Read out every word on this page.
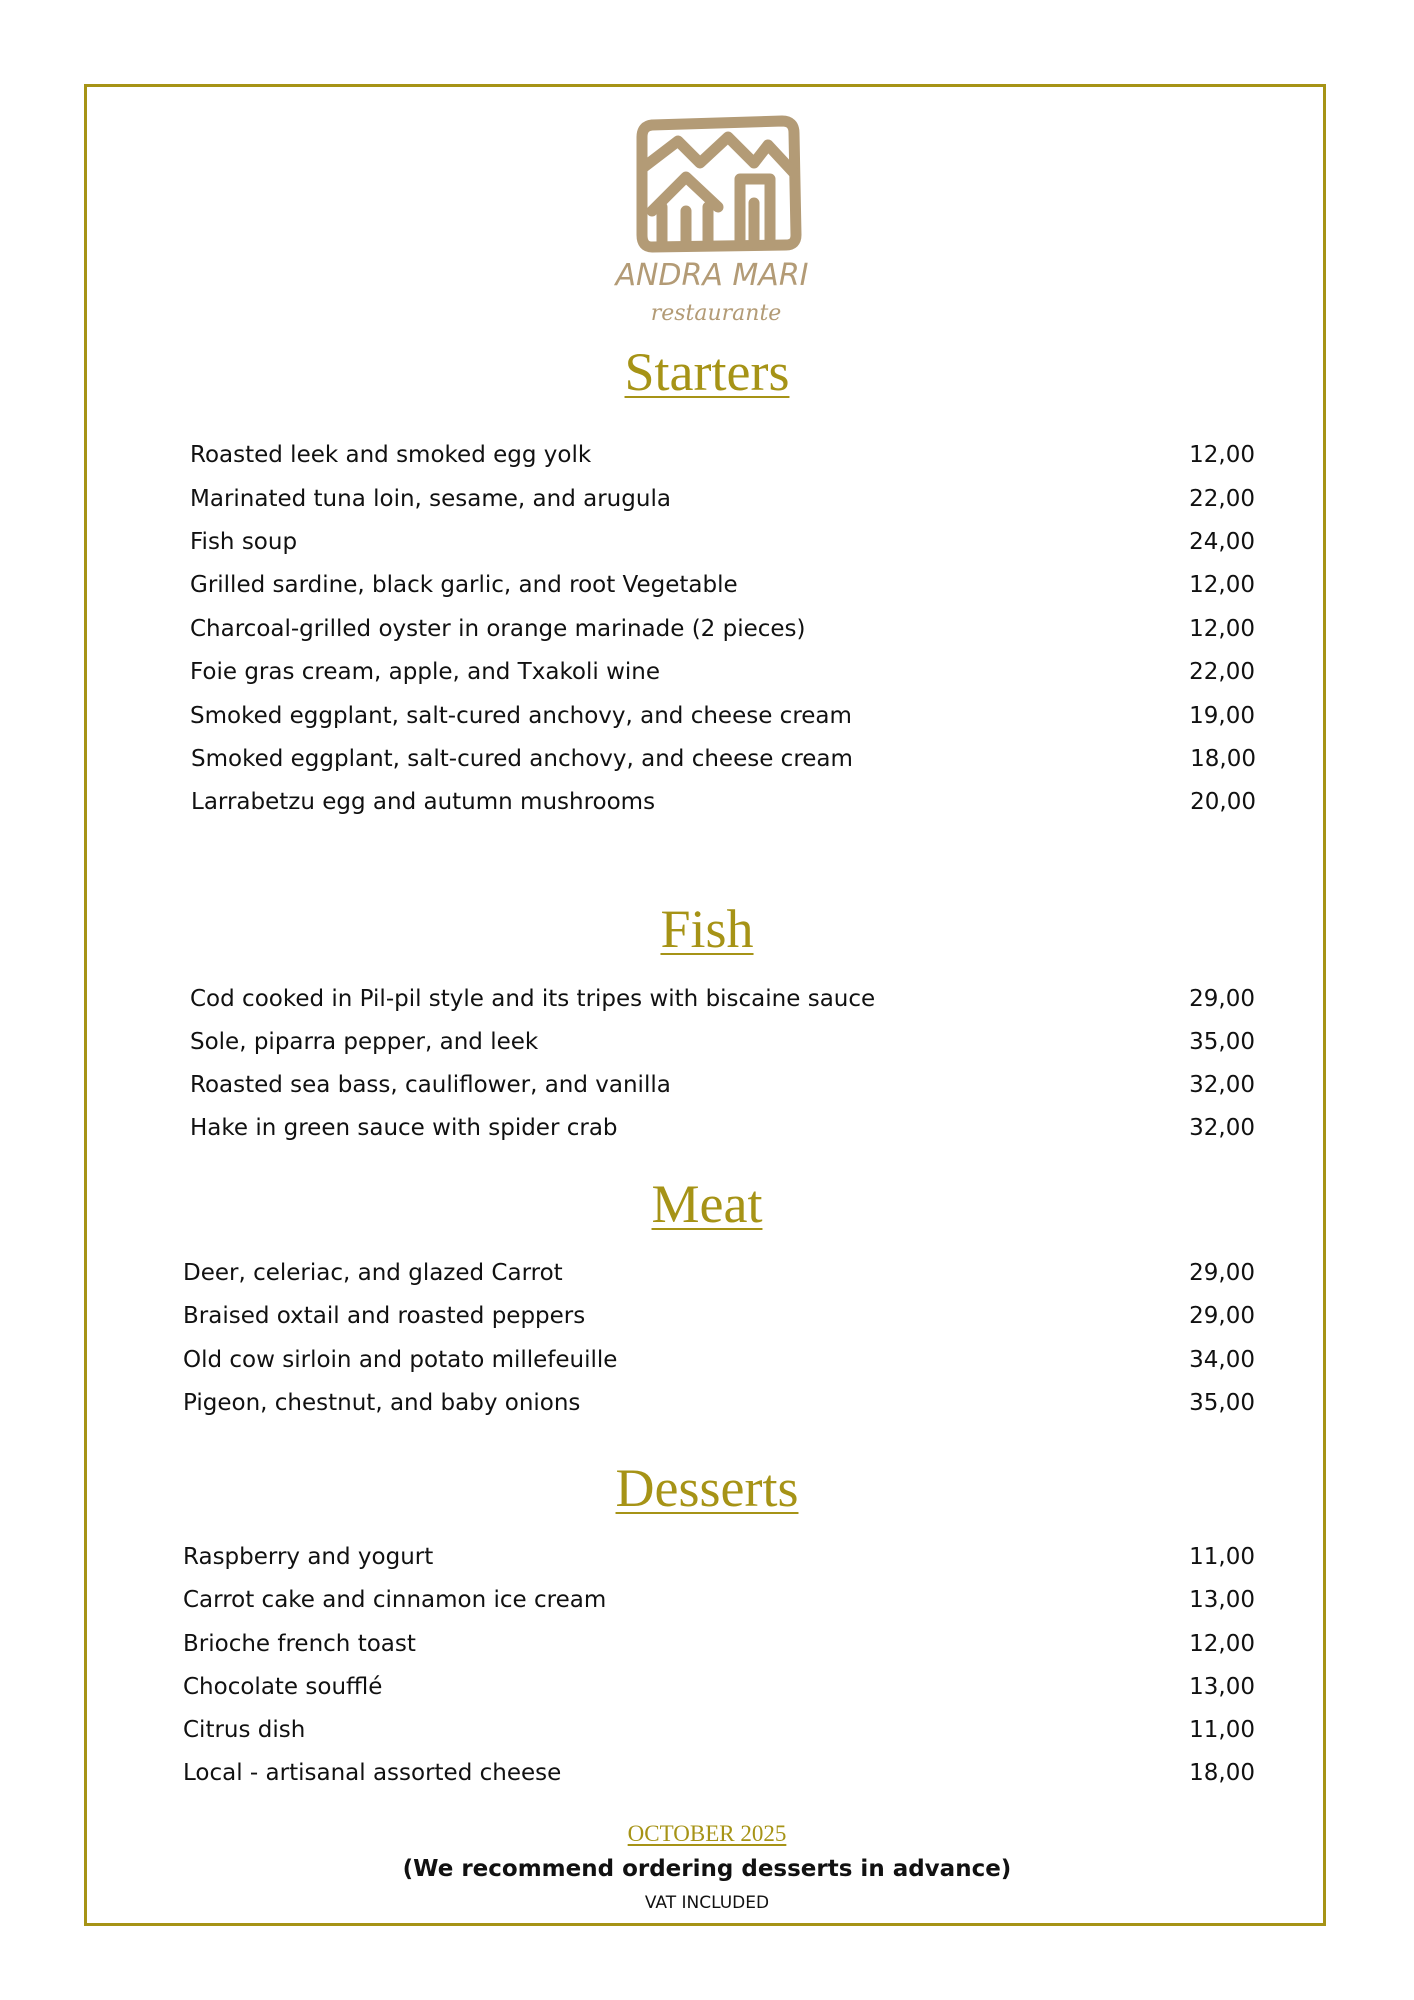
ANDRA MARI
restaurante
Starters
Roasted leek and smoked egg yolk	12,00
Marinated tuna loin, sesame, and arugula	22,00
Fish soup	24,00
Grilled sardine, black garlic, and root Vegetable	12,00
Charcoal-grilled oyster in orange marinade (2 pieces)	12,00
Foie gras cream, apple, and Txakoli wine	22,00
Smoked eggplant, salt-cured anchovy, and cheese cream	19,00
Smoked eggplant, salt-cured anchovy, and cheese cream	18,00
Larrabetzu egg and autumn mushrooms	20,00
Fish
Cod cooked in Pil-pil style and its tripes with biscaine sauce	29,00
Sole, piparra pepper, and leek	35,00
Roasted sea bass, cauliflower, and vanilla	32,00
Hake in green sauce with spider crab	32,00
Meat
Deer, celeriac, and glazed Carrot	29,00
Braised oxtail and roasted peppers	29,00
Old cow sirloin and potato millefeuille	34,00
Pigeon, chestnut, and baby onions	35,00
Desserts
Raspberry and yogurt	11,00
Carrot cake and cinnamon ice cream	13,00
Brioche french toast	12,00
Chocolate soufflé	13,00
Citrus dish	11,00
Local - artisanal assorted cheese	18,00
OCTOBER 2025
(We recommend ordering desserts in advance)
VAT INCLUDED
